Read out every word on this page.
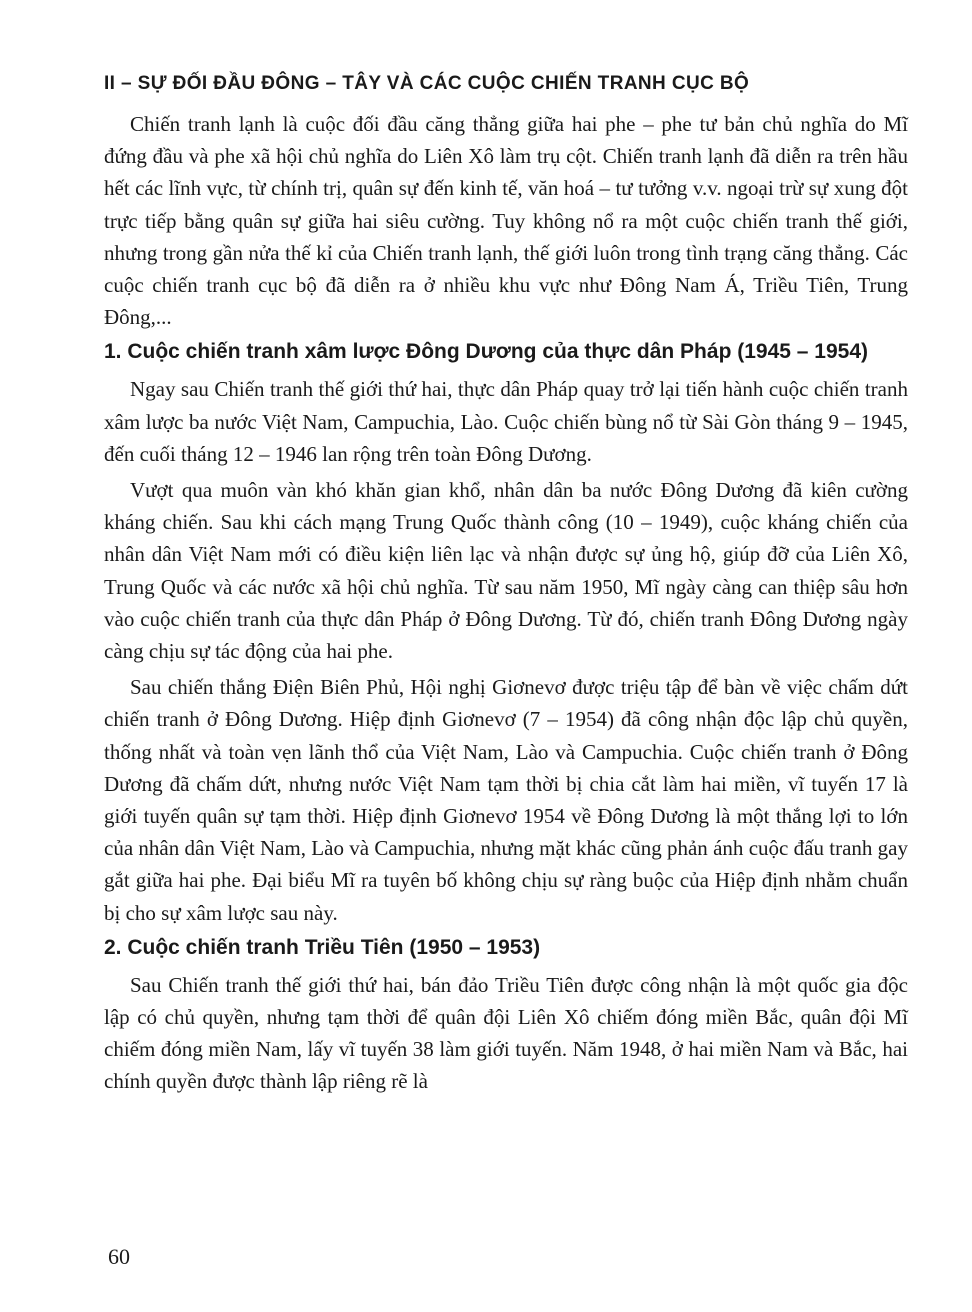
II – SỰ ĐỐI ĐẦU ĐÔNG – TÂY VÀ CÁC CUỘC CHIẾN TRANH CỤC BỘ

Chiến tranh lạnh là cuộc đối đầu căng thẳng giữa hai phe – phe tư bản chủ nghĩa do Mĩ đứng đầu và phe xã hội chủ nghĩa do Liên Xô làm trụ cột. Chiến tranh lạnh đã diễn ra trên hầu hết các lĩnh vực, từ chính trị, quân sự đến kinh tế, văn hoá – tư tưởng v.v. ngoại trừ sự xung đột trực tiếp bằng quân sự giữa hai siêu cường. Tuy không nổ ra một cuộc chiến tranh thế giới, nhưng trong gần nửa thế kỉ của Chiến tranh lạnh, thế giới luôn trong tình trạng căng thẳng. Các cuộc chiến tranh cục bộ đã diễn ra ở nhiều khu vực như Đông Nam Á, Triều Tiên, Trung Đông,...

1. Cuộc chiến tranh xâm lược Đông Dương của thực dân Pháp (1945 – 1954)

Ngay sau Chiến tranh thế giới thứ hai, thực dân Pháp quay trở lại tiến hành cuộc chiến tranh xâm lược ba nước Việt Nam, Campuchia, Lào. Cuộc chiến bùng nổ từ Sài Gòn tháng 9 – 1945, đến cuối tháng 12 – 1946 lan rộng trên toàn Đông Dương.

Vượt qua muôn vàn khó khăn gian khổ, nhân dân ba nước Đông Dương đã kiên cường kháng chiến. Sau khi cách mạng Trung Quốc thành công (10 – 1949), cuộc kháng chiến của nhân dân Việt Nam mới có điều kiện liên lạc và nhận được sự ủng hộ, giúp đỡ của Liên Xô, Trung Quốc và các nước xã hội chủ nghĩa. Từ sau năm 1950, Mĩ ngày càng can thiệp sâu hơn vào cuộc chiến tranh của thực dân Pháp ở Đông Dương. Từ đó, chiến tranh Đông Dương ngày càng chịu sự tác động của hai phe.

Sau chiến thắng Điện Biên Phủ, Hội nghị Giơnevơ được triệu tập để bàn về việc chấm dứt chiến tranh ở Đông Dương. Hiệp định Giơnevơ (7 – 1954) đã công nhận độc lập chủ quyền, thống nhất và toàn vẹn lãnh thổ của Việt Nam, Lào và Campuchia. Cuộc chiến tranh ở Đông Dương đã chấm dứt, nhưng nước Việt Nam tạm thời bị chia cắt làm hai miền, vĩ tuyến 17 là giới tuyến quân sự tạm thời. Hiệp định Giơnevơ 1954 về Đông Dương là một thắng lợi to lớn của nhân dân Việt Nam, Lào và Campuchia, nhưng mặt khác cũng phản ánh cuộc đấu tranh gay gắt giữa hai phe. Đại biểu Mĩ ra tuyên bố không chịu sự ràng buộc của Hiệp định nhằm chuẩn bị cho sự xâm lược sau này.

2. Cuộc chiến tranh Triều Tiên (1950 – 1953)

Sau Chiến tranh thế giới thứ hai, bán đảo Triều Tiên được công nhận là một quốc gia độc lập có chủ quyền, nhưng tạm thời để quân đội Liên Xô chiếm đóng miền Bắc, quân đội Mĩ chiếm đóng miền Nam, lấy vĩ tuyến 38 làm giới tuyến. Năm 1948, ở hai miền Nam và Bắc, hai chính quyền được thành lập riêng rẽ là

60
